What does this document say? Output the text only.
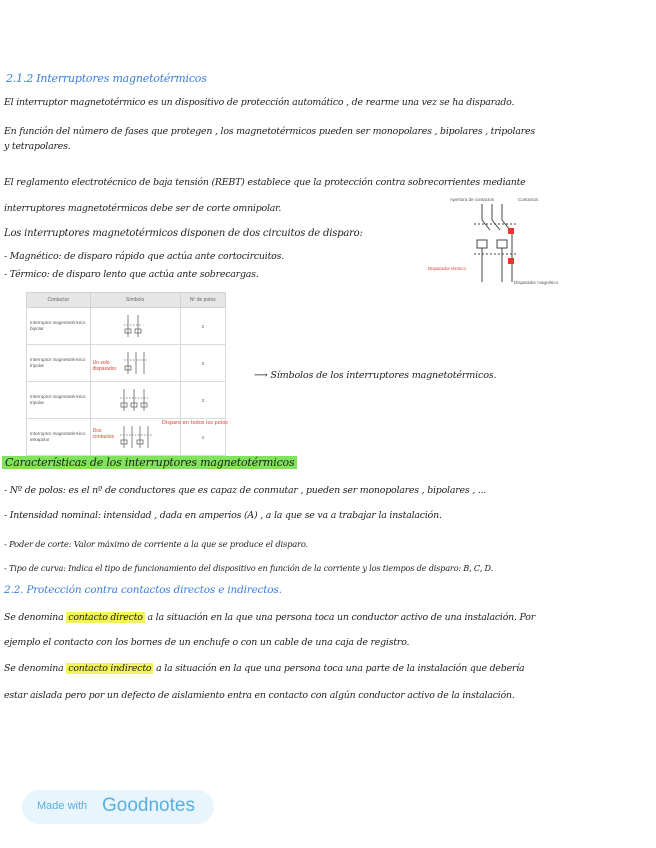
2.1.2 Interruptores magnetotérmicos
El interruptor magnetotérmico es un dispositivo de protección automático , de rearme una vez se ha disparado.
En función del número de fases que protegen , los magnetotérmicos pueden ser monopolares , bipolares , tripolares
y tetrapolares.
El reglamento electrotécnico de baja tensión (REBT) establece que la protección contra sobrecorrientes mediante
interruptores magnetotérmicos debe ser de corte omnipolar.
Los interruptores magnetotérmicos disponen de dos circuitos de disparo:
- Magnético: de disparo rápido que actúa ante cortocircuitos.
- Térmico: de disparo lento que actúa ante sobrecargas.
Apertura de contactos	Contactos
Disparador térmico
Disparador magnético
Contactor	Símbolo	Nº de polos
Interruptor magnetotérmico bipolar		2
Interruptor magnetotérmico tripolar	Un solo disparador	3
Interruptor magnetotérmico tripolar		3
Interruptor magnetotérmico tetrapolar	Dos contactos	4
Disparo en todos los polos
⟶ Símbolos de los interruptores magnetotérmicos.
Características de los interruptores magnetotérmicos
- Nº de polos: es el nº de conductores que es capaz de conmutar , pueden ser monopolares , bipolares , ...
- Intensidad nominal: intensidad , dada en amperios (A) , a la que se va a trabajar la instalación.
- Poder de corte: Valor máximo de corriente a la que se produce el disparo.
- Tipo de curva: Indica el tipo de funcionamiento del dispositivo en función de la corriente y los tiempos de disparo: B, C, D.
2.2. Protección contra contactos directos e indirectos.
Se denomina contacto directo a la situación en la que una persona toca un conductor activo de una instalación. Por
ejemplo el contacto con los bornes de un enchufe o con un cable de una caja de registro.
Se denomina contacto indirecto a la situación en la que una persona toca una parte de la instalación que debería
estar aislada pero por un defecto de aislamiento entra en contacto con algún conductor activo de la instalación.
Made with Goodnotes
